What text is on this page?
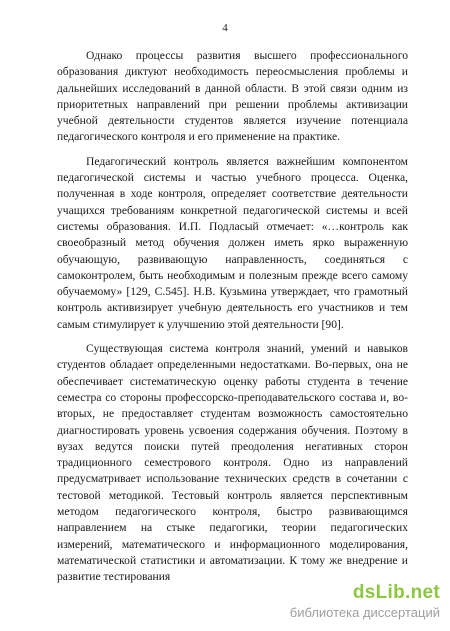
4

Однако процессы развития высшего профессионального образования диктуют необходимость переосмысления проблемы и дальнейших исследований в данной области. В этой связи одним из приоритетных направлений при решении проблемы активизации учебной деятельности студентов является изучение потенциала педагогического контроля и его применение на практике.

Педагогический контроль является важнейшим компонентом педагогической системы и частью учебного процесса. Оценка, полученная в ходе контроля, определяет соответствие деятельности учащихся требованиям конкретной педагогической системы и всей системы образования. И.П. Подласый отмечает: «…контроль как своеобразный метод обучения должен иметь ярко выраженную обучающую, развивающую направленность, соединяться с самоконтролем, быть необходимым и полезным прежде всего самому обучаемому» [129, С.545]. Н.В. Кузьмина утверждает, что грамотный контроль активизирует учебную деятельность его участников и тем самым стимулирует к улучшению этой деятельности [90].

Существующая система контроля знаний, умений и навыков студентов обладает определенными недостатками. Во-первых, она не обеспечивает систематическую оценку работы студента в течение семестра со стороны профессорско-преподавательского состава и, во-вторых, не предоставляет студентам возможность самостоятельно диагностировать уровень усвоения содержания обучения. Поэтому в вузах ведутся поиски путей преодоления негативных сторон традиционного семестрового контроля. Одно из направлений предусматривает использование технических средств в сочетании с тестовой методикой. Тестовый контроль является перспективным методом педагогического контроля, быстро развивающимся направлением на стыке педагогики, теории педагогических измерений, математического и информационного моделирования, математической статистики и автоматизации. К тому же внедрение и развитие тестирования

dsLib.net
библиотека диссертаций
